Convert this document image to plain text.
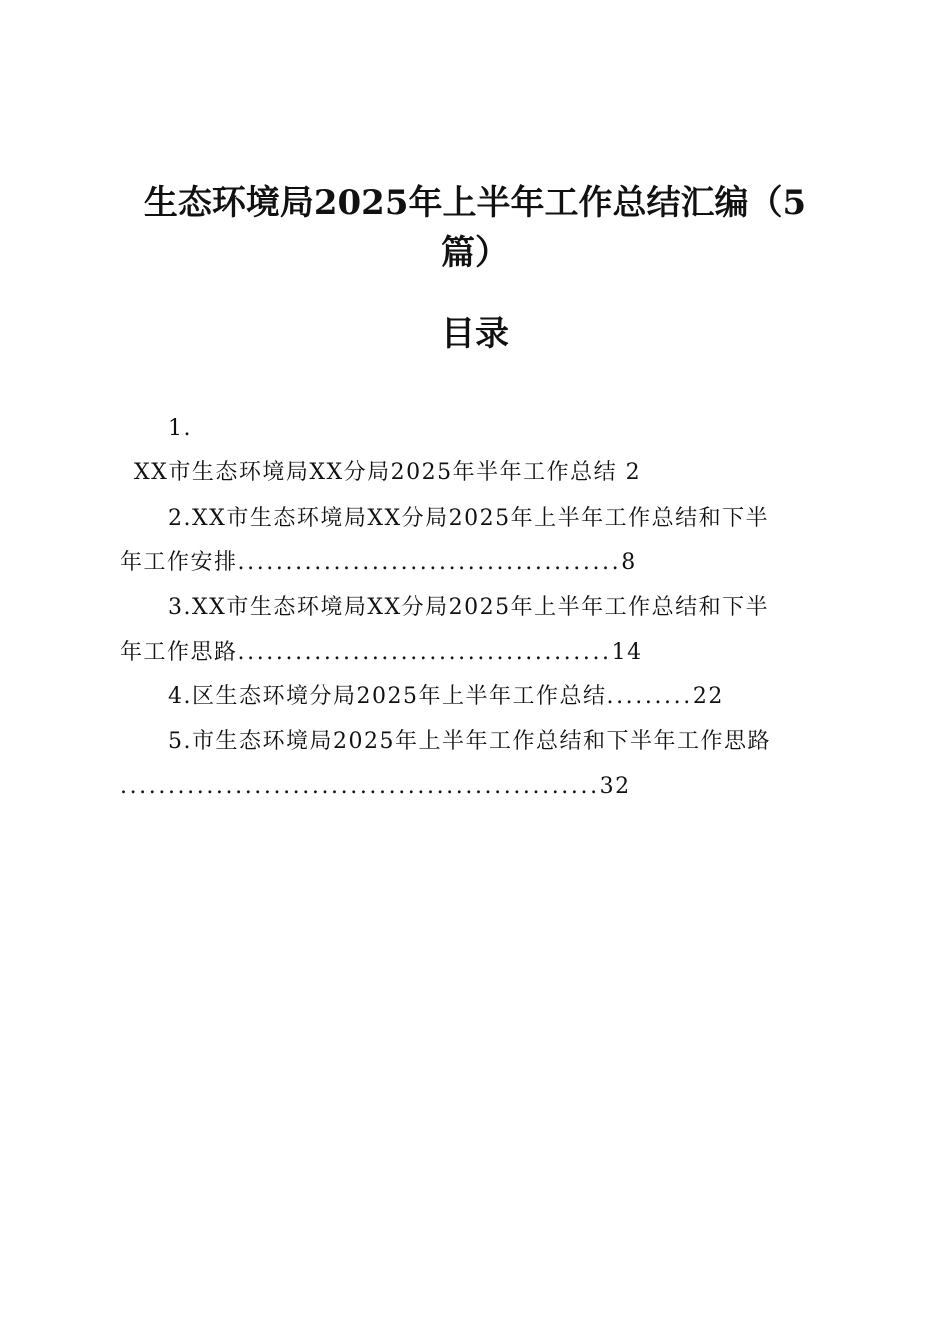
生态环境局2025年上半年工作总结汇编（5
篇）
目录
1.
XX市生态环境局XX分局2025年半年工作总结 2
2.XX市生态环境局XX分局2025年上半年工作总结和下半
年工作安排........................................8
3.XX市生态环境局XX分局2025年上半年工作总结和下半
年工作思路.......................................14
4.区生态环境分局2025年上半年工作总结.........22
5.市生态环境局2025年上半年工作总结和下半年工作思路
..................................................32
